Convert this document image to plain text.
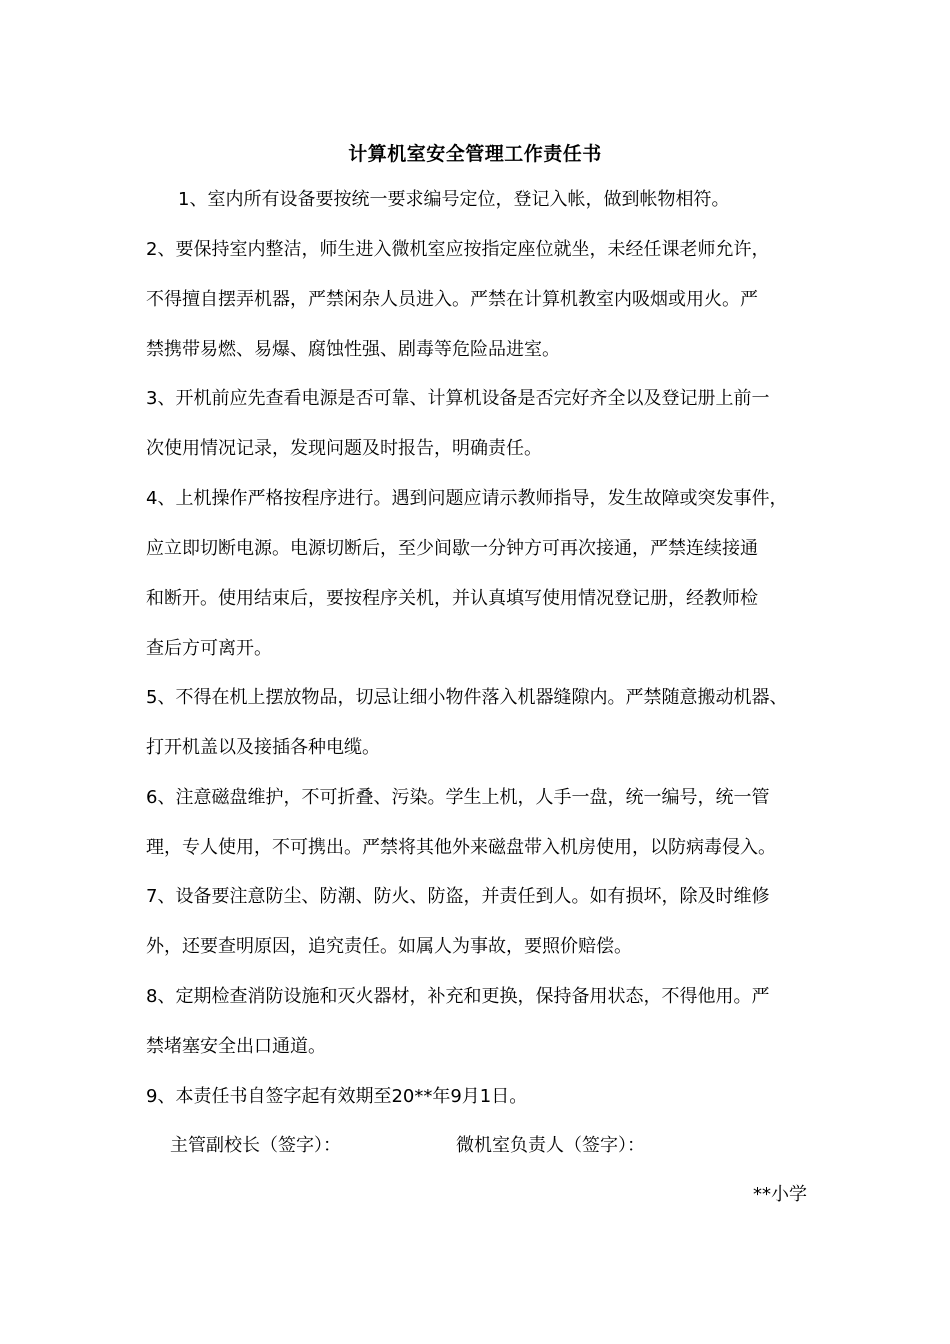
计算机室安全管理工作责任书
1、室内所有设备要按统一要求编号定位，登记入帐，做到帐物相符。
2、要保持室内整洁，师生进入微机室应按指定座位就坐，未经任课老师允许，
不得擅自摆弄机器，严禁闲杂人员进入。严禁在计算机教室内吸烟或用火。严
禁携带易燃、易爆、腐蚀性强、剧毒等危险品进室。
3、开机前应先查看电源是否可靠、计算机设备是否完好齐全以及登记册上前一
次使用情况记录，发现问题及时报告，明确责任。
4、上机操作严格按程序进行。遇到问题应请示教师指导，发生故障或突发事件，
应立即切断电源。电源切断后，至少间歇一分钟方可再次接通，严禁连续接通
和断开。使用结束后，要按程序关机，并认真填写使用情况登记册，经教师检
查后方可离开。
5、不得在机上摆放物品，切忌让细小物件落入机器缝隙内。严禁随意搬动机器、
打开机盖以及接插各种电缆。
6、注意磁盘维护，不可折叠、污染。学生上机，人手一盘，统一编号，统一管
理，专人使用，不可携出。严禁将其他外来磁盘带入机房使用，以防病毒侵入。
7、设备要注意防尘、防潮、防火、防盗，并责任到人。如有损坏，除及时维修
外，还要查明原因，追究责任。如属人为事故，要照价赔偿。
8、定期检查消防设施和灭火器材，补充和更换，保持备用状态，不得他用。严
禁堵塞安全出口通道。
9、本责任书自签字起有效期至20**年9月1日。
主管副校长（签字）：	微机室负责人（签字）：
**小学
